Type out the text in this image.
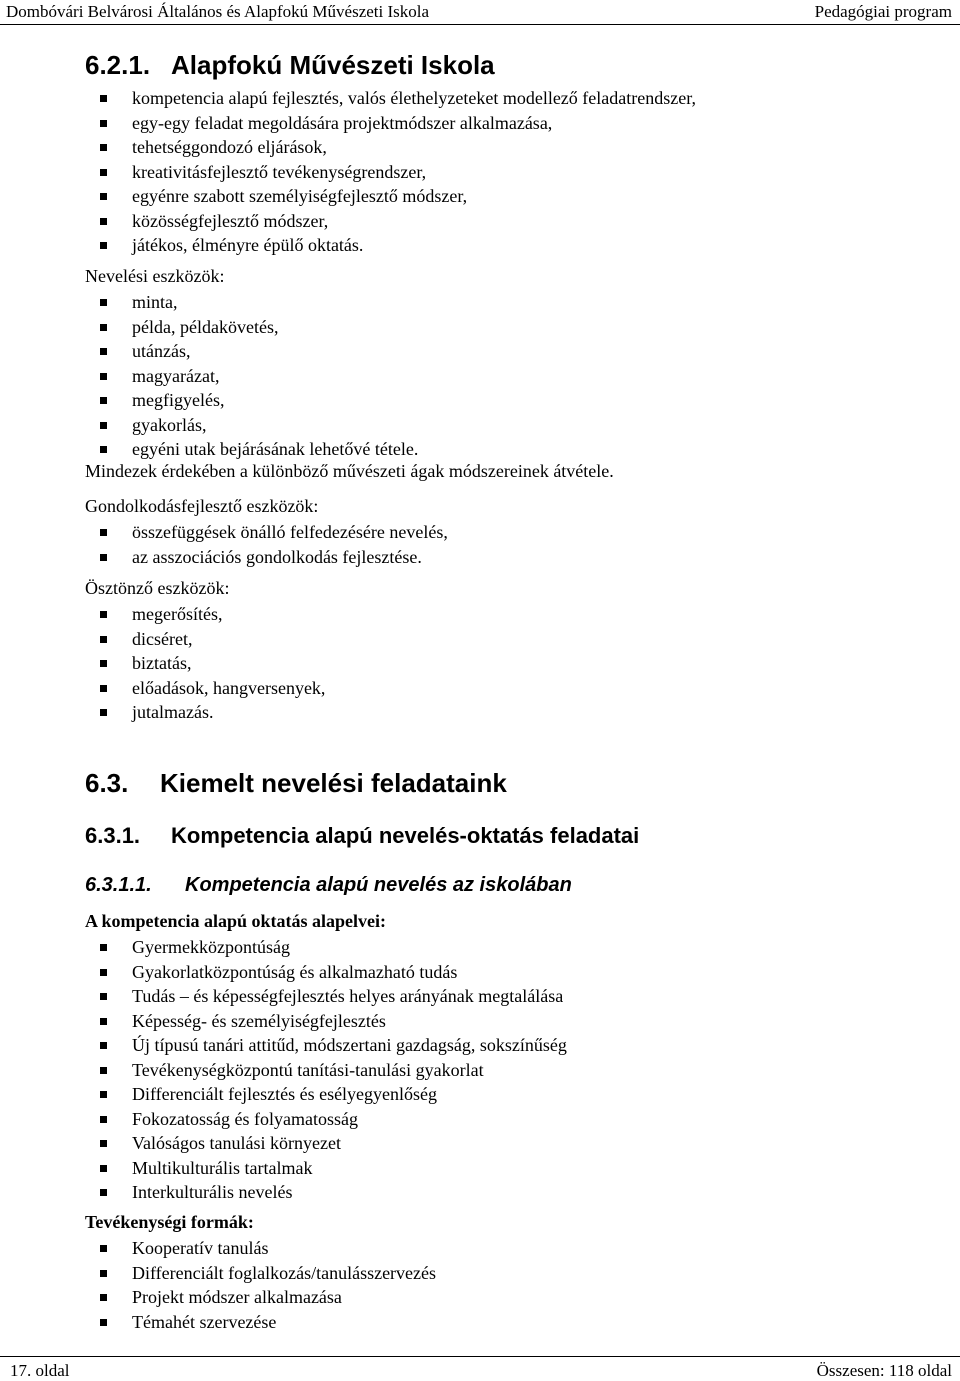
Dombóvári Belvárosi Általános és Alapfokú Művészeti Iskola	Pedagógiai program
6.2.1. Alapfokú Művészeti Iskola
kompetencia alapú fejlesztés, valós élethelyzeteket modellező feladatrendszer,
egy-egy feladat megoldására projektmódszer alkalmazása,
tehetséggondozó eljárások,
kreativitásfejlesztő tevékenységrendszer,
egyénre szabott személyiségfejlesztő módszer,
közösségfejlesztő módszer,
játékos, élményre épülő oktatás.

Nevelési eszközök:

minta,
példa, példakövetés,
utánzás,
magyarázat,
megfigyelés,
gyakorlás,
egyéni utak bejárásának lehetővé tétele.

Mindezek érdekében a különböző művészeti ágak módszereinek átvétele.

Gondolkodásfejlesztő eszközök:

összefüggések önálló felfedezésére nevelés,
az asszociációs gondolkodás fejlesztése.

Ösztönző eszközök:

megerősítés,
dicséret,
biztatás,
előadások, hangversenyek,
jutalmazás.
6.3. Kiemelt nevelési feladataink
6.3.1. Kompetencia alapú nevelés-oktatás feladatai
6.3.1.1. Kompetencia alapú nevelés az iskolában

A kompetencia alapú oktatás alapelvei:

Gyermekközpontúság
Gyakorlatközpontúság és alkalmazható tudás
Tudás – és képességfejlesztés helyes arányának megtalálása
Képesség- és személyiségfejlesztés
Új típusú tanári attitűd, módszertani gazdagság, sokszínűség
Tevékenységközpontú tanítási-tanulási gyakorlat
Differenciált fejlesztés és esélyegyenlőség
Fokozatosság és folyamatosság
Valóságos tanulási környezet
Multikulturális tartalmak
Interkulturális nevelés

Tevékenységi formák:

Kooperatív tanulás
Differenciált foglalkozás/tanulásszervezés
Projekt módszer alkalmazása
Témahét szervezése
17. oldal	Összesen: 118 oldal
